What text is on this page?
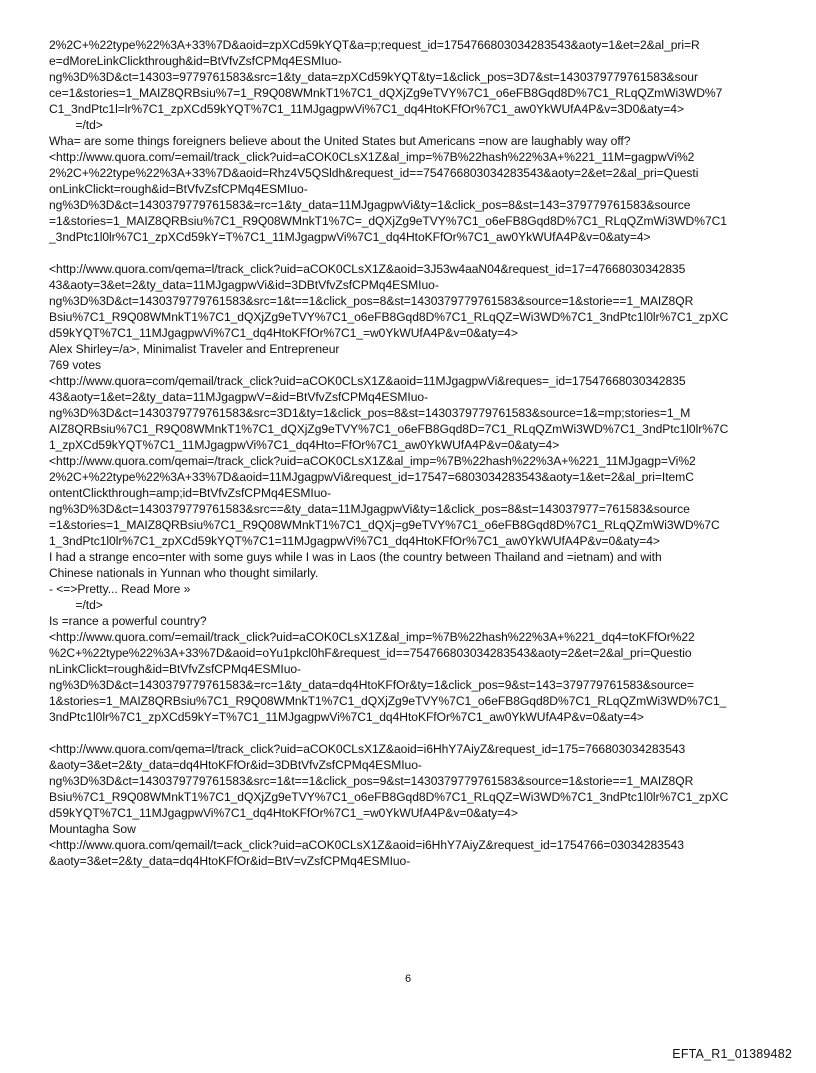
2%2C+%22type%22%3A+33%7D&aoid=zpXCd59kYQT&a=p;request_id=1754766803034283543&aoty=1&et=2&al_pri=R
e=dMoreLinkClickthrough&id=BtVfvZsfCPMq4ESMIuo-
ng%3D%3D&ct=14303=9779761583&src=1&ty_data=zpXCd59kYQT&ty=1&click_pos=3D7&st=1430379779761583&sour
ce=1&stories=1_MAIZ8QRBsiu%7=1_R9Q08WMnkT1%7C1_dQXjZg9eTVY%7C1_o6eFB8Gqd8D%7C1_RLqQZmWi3WD%7
C1_3ndPtc1l=lr%7C1_zpXCd59kYQT%7C1_11MJgagpwVi%7C1_dq4HtoKFfOr%7C1_aw0YkWUfA4P&v=3D0&aty=4>
=/td>
Wha= are some things foreigners believe about the United States but Americans =now are laughably way off?
<http://www.quora.com/=email/track_click?uid=aCOK0CLsX1Z&al_imp=%7B%22hash%22%3A+%221_11M=gagpwVi%2
2%2C+%22type%22%3A+33%7D&aoid=Rhz4V5QSldh&request_id==754766803034283543&aoty=2&et=2&al_pri=Questi
onLinkClickt=rough&id=BtVfvZsfCPMq4ESMIuo-
ng%3D%3D&ct=1430379779761583&=rc=1&ty_data=11MJgagpwVi&ty=1&click_pos=8&st=143=379779761583&source
=1&stories=1_MAIZ8QRBsiu%7C1_R9Q08WMnkT1%7C=_dQXjZg9eTVY%7C1_o6eFB8Gqd8D%7C1_RLqQZmWi3WD%7C1
_3ndPtc1l0lr%7C1_zpXCd59kY=T%7C1_11MJgagpwVi%7C1_dq4HtoKFfOr%7C1_aw0YkWUfA4P&v=0&aty=4>
<http://www.quora.com/qema=l/track_click?uid=aCOK0CLsX1Z&aoid=3J53w4aaN04&request_id=17=47668030342835
43&aoty=3&et=2&ty_data=11MJgagpwVi&id=3DBtVfvZsfCPMq4ESMIuo-
ng%3D%3D&ct=1430379779761583&src=1&t==1&click_pos=8&st=1430379779761583&source=1&storie==1_MAIZ8QR
Bsiu%7C1_R9Q08WMnkT1%7C1_dQXjZg9eTVY%7C1_o6eFB8Gqd8D%7C1_RLqQZ=Wi3WD%7C1_3ndPtc1l0lr%7C1_zpXC
d59kYQT%7C1_11MJgagpwVi%7C1_dq4HtoKFfOr%7C1_=w0YkWUfA4P&v=0&aty=4>
Alex Shirley=/a>, Minimalist Traveler and Entrepreneur
769 votes
<http://www.quora=com/qemail/track_click?uid=aCOK0CLsX1Z&aoid=11MJgagpwVi&reques=_id=17547668030342835
43&aoty=1&et=2&ty_data=11MJgagpwV=&id=BtVfvZsfCPMq4ESMIuo-
ng%3D%3D&ct=1430379779761583&src=3D1&ty=1&click_pos=8&st=1430379779761583&source=1&=mp;stories=1_M
AIZ8QRBsiu%7C1_R9Q08WMnkT1%7C1_dQXjZg9eTVY%7C1_o6eFB8Gqd8D=7C1_RLqQZmWi3WD%7C1_3ndPtc1l0lr%7C
1_zpXCd59kYQT%7C1_11MJgagpwVi%7C1_dq4Hto=FfOr%7C1_aw0YkWUfA4P&v=0&aty=4>
<http://www.quora.com/qemai=/track_click?uid=aCOK0CLsX1Z&al_imp=%7B%22hash%22%3A+%221_11MJgagp=Vi%2
2%2C+%22type%22%3A+33%7D&aoid=11MJgagpwVi&request_id=17547=6803034283543&aoty=1&et=2&al_pri=ItemC
ontentClickthrough=amp;id=BtVfvZsfCPMq4ESMIuo-
ng%3D%3D&ct=1430379779761583&src==&ty_data=11MJgagpwVi&ty=1&click_pos=8&st=143037977=761583&source
=1&stories=1_MAIZ8QRBsiu%7C1_R9Q08WMnkT1%7C1_dQXj=g9eTVY%7C1_o6eFB8Gqd8D%7C1_RLqQZmWi3WD%7C
1_3ndPtc1l0lr%7C1_zpXCd59kYQT%7C1=11MJgagpwVi%7C1_dq4HtoKFfOr%7C1_aw0YkWUfA4P&v=0&aty=4>
I had a strange enco=nter with some guys while I was in Laos (the country between Thailand and =ietnam) and with
Chinese nationals in Yunnan who thought similarly.
- <=>Pretty... Read More »
=/td>
Is =rance a powerful country?
<http://www.quora.com/=email/track_click?uid=aCOK0CLsX1Z&al_imp=%7B%22hash%22%3A+%221_dq4=toKFfOr%22
%2C+%22type%22%3A+33%7D&aoid=oYu1pkcl0hF&request_id==754766803034283543&aoty=2&et=2&al_pri=Questio
nLinkClickt=rough&id=BtVfvZsfCPMq4ESMIuo-
ng%3D%3D&ct=1430379779761583&=rc=1&ty_data=dq4HtoKFfOr&ty=1&click_pos=9&st=143=379779761583&source=
1&stories=1_MAIZ8QRBsiu%7C1_R9Q08WMnkT1%7C1_dQXjZg9eTVY%7C1_o6eFB8Gqd8D%7C1_RLqQZmWi3WD%7C1_
3ndPtc1l0lr%7C1_zpXCd59kY=T%7C1_11MJgagpwVi%7C1_dq4HtoKFfOr%7C1_aw0YkWUfA4P&v=0&aty=4>
<http://www.quora.com/qema=l/track_click?uid=aCOK0CLsX1Z&aoid=i6HhY7AiyZ&request_id=175=766803034283543
&aoty=3&et=2&ty_data=dq4HtoKFfOr&id=3DBtVfvZsfCPMq4ESMIuo-
ng%3D%3D&ct=1430379779761583&src=1&t==1&click_pos=9&st=1430379779761583&source=1&storie==1_MAIZ8QR
Bsiu%7C1_R9Q08WMnkT1%7C1_dQXjZg9eTVY%7C1_o6eFB8Gqd8D%7C1_RLqQZ=Wi3WD%7C1_3ndPtc1l0lr%7C1_zpXC
d59kYQT%7C1_11MJgagpwVi%7C1_dq4HtoKFfOr%7C1_=w0YkWUfA4P&v=0&aty=4>
Mountagha Sow
<http://www.quora.com/qemail/t=ack_click?uid=aCOK0CLsX1Z&aoid=i6HhY7AiyZ&request_id=1754766=03034283543
&aoty=3&et=2&ty_data=dq4HtoKFfOr&id=BtV=vZsfCPMq4ESMIuo-
6
EFTA_R1_01389482
